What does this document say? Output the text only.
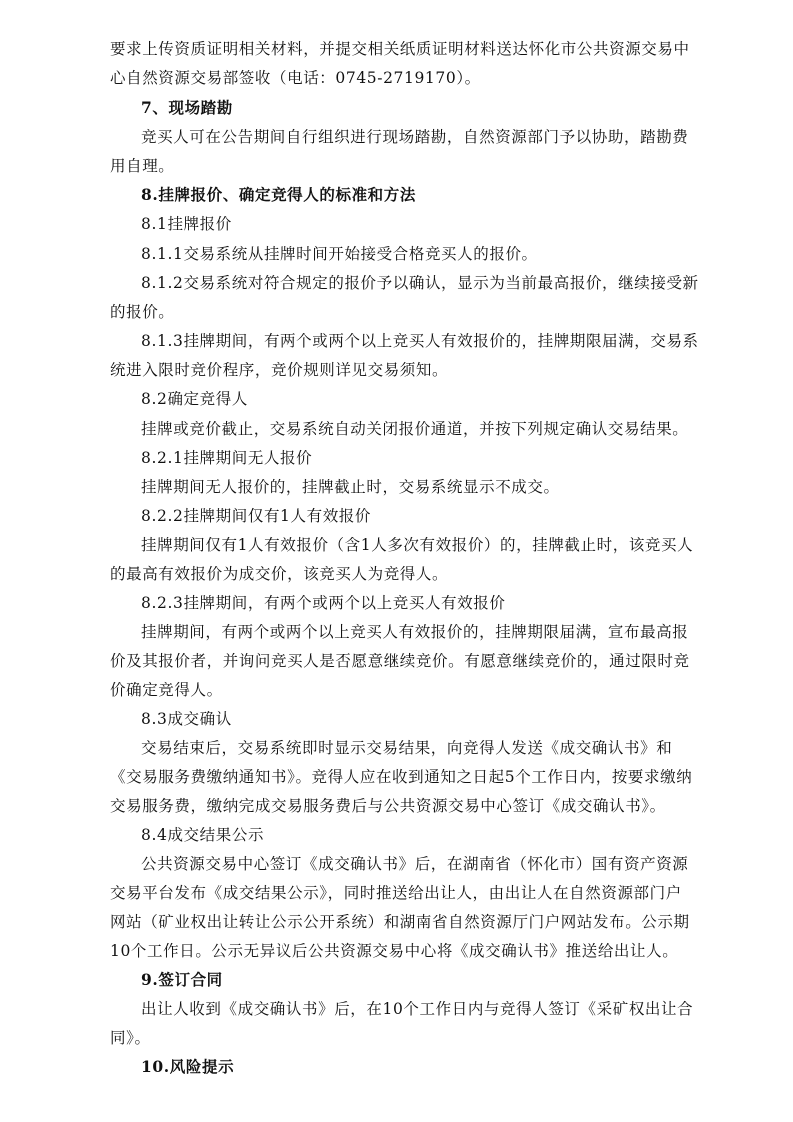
要求上传资质证明相关材料，并提交相关纸质证明材料送达怀化市公共资源交易中
心自然资源交易部签收（电话：0745-2719170）。
7、现场踏勘
竞买人可在公告期间自行组织进行现场踏勘，自然资源部门予以协助，踏勘费
用自理。
8.挂牌报价、确定竞得人的标准和方法
8.1挂牌报价
8.1.1交易系统从挂牌时间开始接受合格竞买人的报价。
8.1.2交易系统对符合规定的报价予以确认，显示为当前最高报价，继续接受新
的报价。
8.1.3挂牌期间，有两个或两个以上竞买人有效报价的，挂牌期限届满，交易系
统进入限时竞价程序，竞价规则详见交易须知。
8.2确定竞得人
挂牌或竞价截止，交易系统自动关闭报价通道，并按下列规定确认交易结果。
8.2.1挂牌期间无人报价
挂牌期间无人报价的，挂牌截止时，交易系统显示不成交。
8.2.2挂牌期间仅有1人有效报价
挂牌期间仅有1人有效报价（含1人多次有效报价）的，挂牌截止时，该竞买人
的最高有效报价为成交价，该竞买人为竞得人。
8.2.3挂牌期间，有两个或两个以上竞买人有效报价
挂牌期间，有两个或两个以上竞买人有效报价的，挂牌期限届满，宣布最高报
价及其报价者，并询问竞买人是否愿意继续竞价。有愿意继续竞价的，通过限时竞
价确定竞得人。
8.3成交确认
交易结束后，交易系统即时显示交易结果，向竞得人发送《成交确认书》和
《交易服务费缴纳通知书》。竞得人应在收到通知之日起5个工作日内，按要求缴纳
交易服务费，缴纳完成交易服务费后与公共资源交易中心签订《成交确认书》。
8.4成交结果公示
公共资源交易中心签订《成交确认书》后，在湖南省（怀化市）国有资产资源
交易平台发布《成交结果公示》，同时推送给出让人，由出让人在自然资源部门户
网站（矿业权出让转让公示公开系统）和湖南省自然资源厅门户网站发布。公示期
10个工作日。公示无异议后公共资源交易中心将《成交确认书》推送给出让人。
9.签订合同
出让人收到《成交确认书》后，在10个工作日内与竞得人签订《采矿权出让合
同》。
10.风险提示
